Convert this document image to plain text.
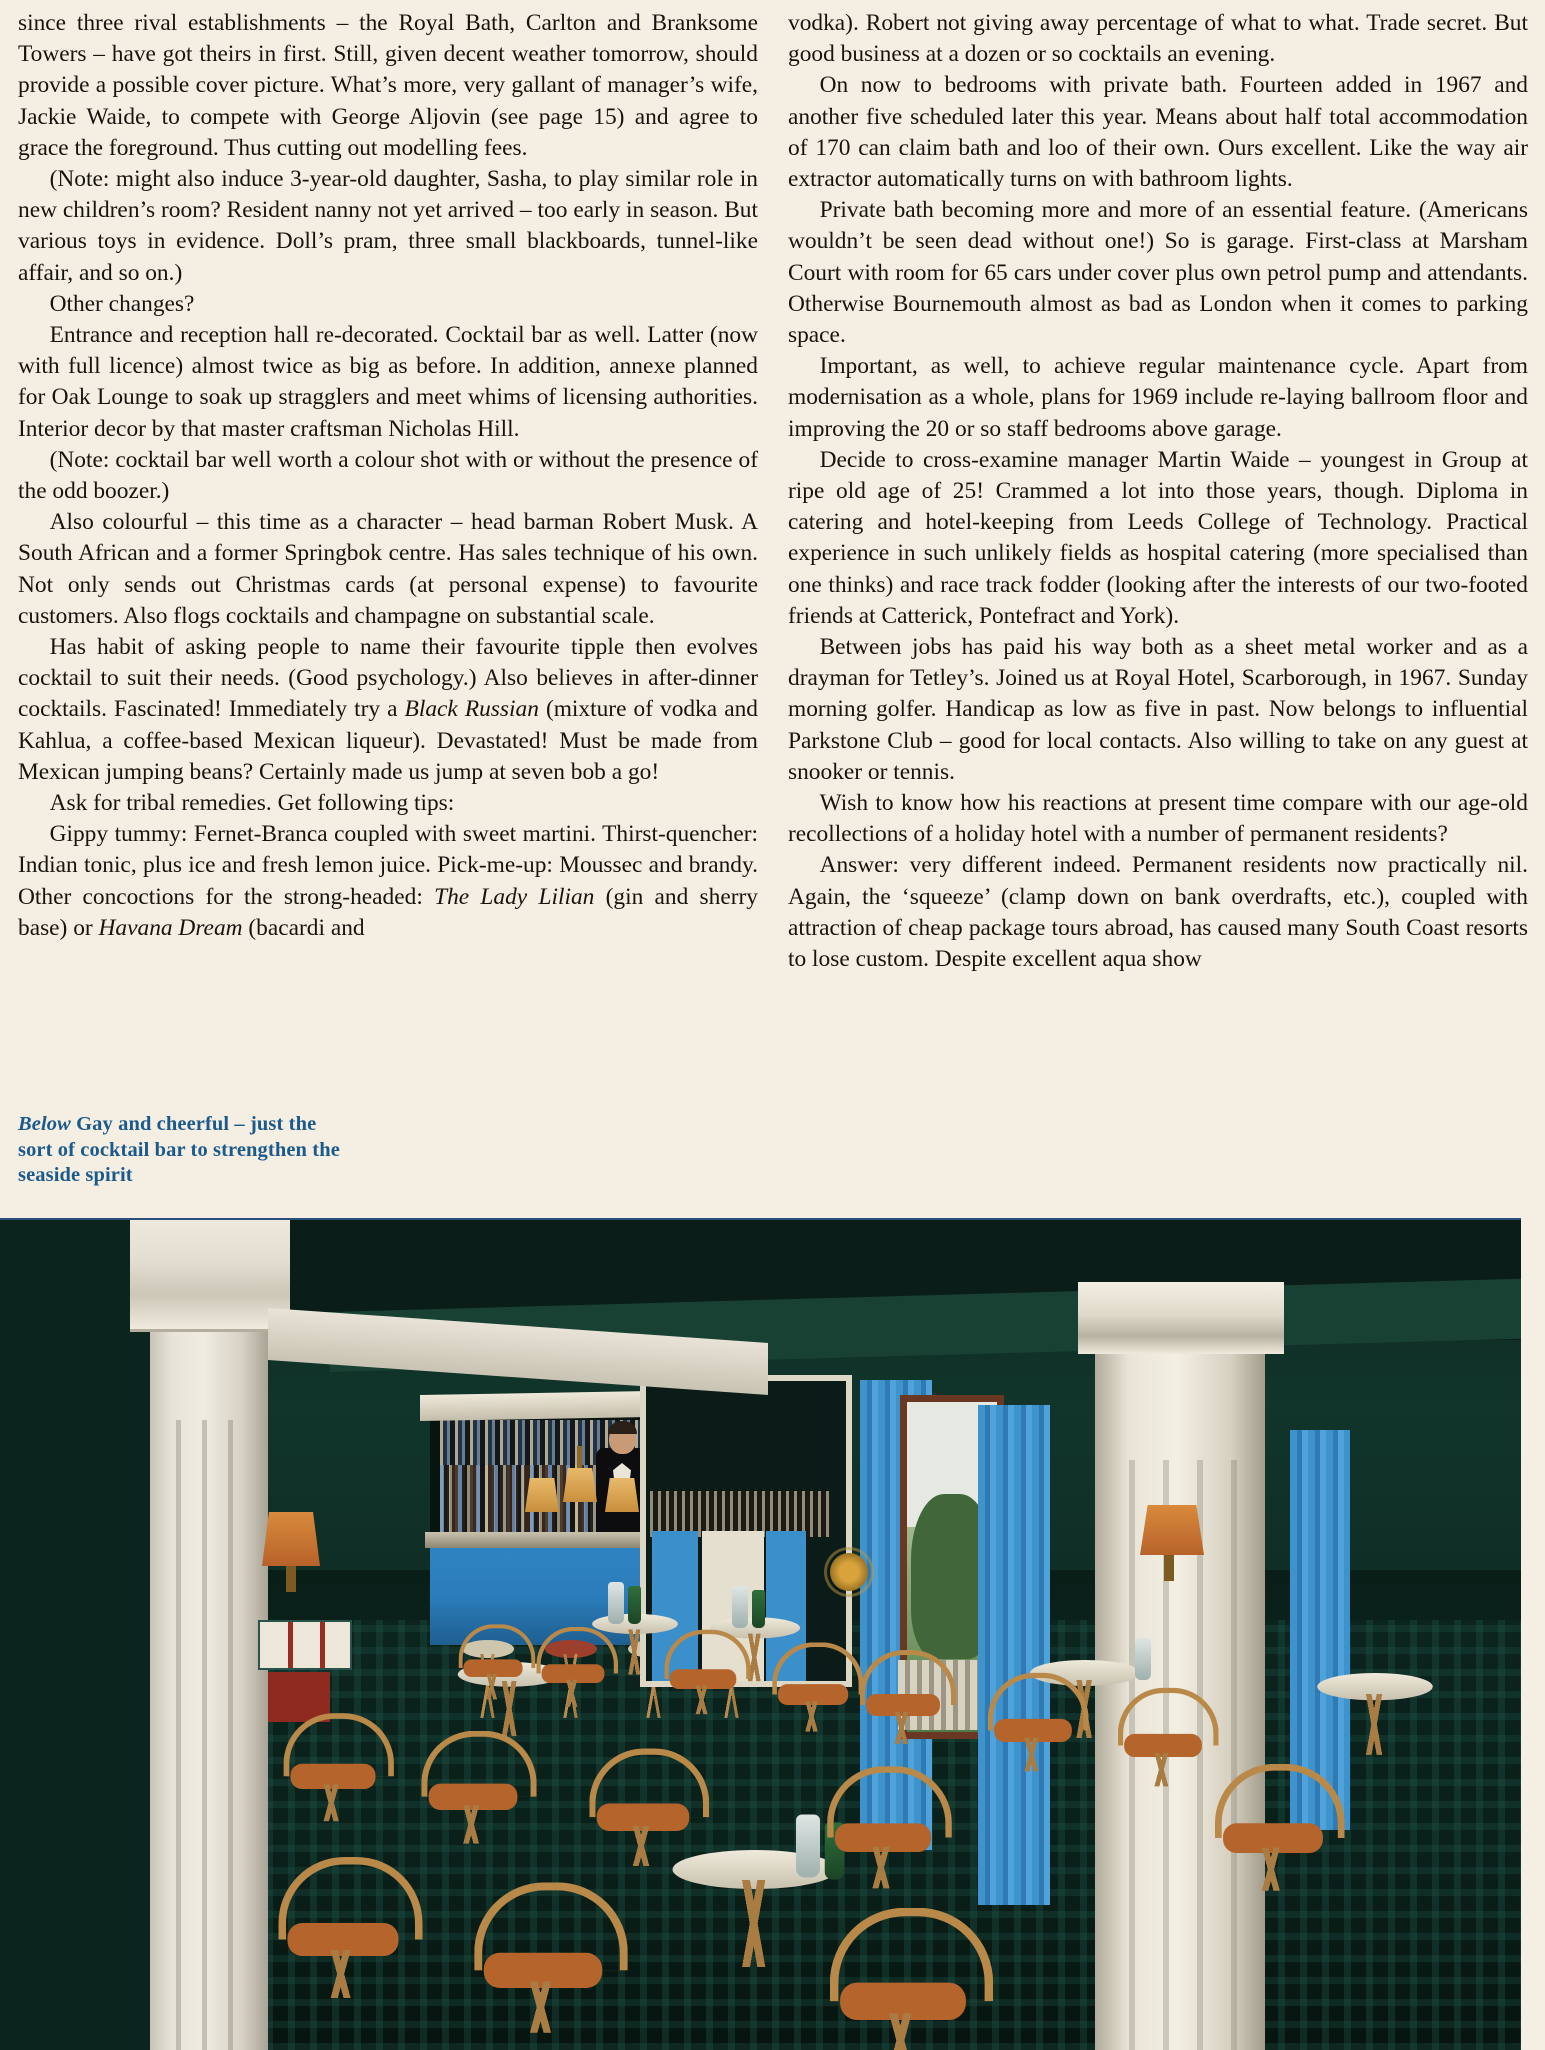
since three rival establishments – the Royal Bath, Carlton and Branksome Towers – have got theirs in first. Still, given decent weather tomorrow, should provide a possible cover picture. What’s more, very gallant of manager’s wife, Jackie Waide, to compete with George Aljovin (see page 15) and agree to grace the foreground. Thus cutting out modelling fees.

(Note: might also induce 3-year-old daughter, Sasha, to play similar role in new children’s room? Resident nanny not yet arrived – too early in season. But various toys in evidence. Doll’s pram, three small blackboards, tunnel-like affair, and so on.)

Other changes?

Entrance and reception hall re-decorated. Cocktail bar as well. Latter (now with full licence) almost twice as big as before. In addition, annexe planned for Oak Lounge to soak up stragglers and meet whims of licensing authorities. Interior decor by that master craftsman Nicholas Hill.

(Note: cocktail bar well worth a colour shot with or without the presence of the odd boozer.)

Also colourful – this time as a character – head barman Robert Musk. A South African and a former Springbok centre. Has sales technique of his own. Not only sends out Christmas cards (at personal expense) to favourite customers. Also flogs cocktails and champagne on substantial scale.

Has habit of asking people to name their favourite tipple then evolves cocktail to suit their needs. (Good psychology.) Also believes in after-dinner cocktails. Fascinated! Immediately try a Black Russian (mixture of vodka and Kahlua, a coffee-based Mexican liqueur). Devastated! Must be made from Mexican jumping beans? Certainly made us jump at seven bob a go!

Ask for tribal remedies. Get following tips:

Gippy tummy: Fernet-Branca coupled with sweet martini. Thirst-quencher: Indian tonic, plus ice and fresh lemon juice. Pick-me-up: Moussec and brandy. Other concoctions for the strong-headed: The Lady Lilian (gin and sherry base) or Havana Dream (bacardi and

vodka). Robert not giving away percentage of what to what. Trade secret. But good business at a dozen or so cocktails an evening.

On now to bedrooms with private bath. Fourteen added in 1967 and another five scheduled later this year. Means about half total accommodation of 170 can claim bath and loo of their own. Ours excellent. Like the way air extractor automatically turns on with bathroom lights.

Private bath becoming more and more of an essential feature. (Americans wouldn’t be seen dead without one!) So is garage. First-class at Marsham Court with room for 65 cars under cover plus own petrol pump and attendants. Otherwise Bournemouth almost as bad as London when it comes to parking space.

Important, as well, to achieve regular maintenance cycle. Apart from modernisation as a whole, plans for 1969 include re-laying ballroom floor and improving the 20 or so staff bedrooms above garage.

Decide to cross-examine manager Martin Waide – youngest in Group at ripe old age of 25! Crammed a lot into those years, though. Diploma in catering and hotel-keeping from Leeds College of Technology. Practical experience in such unlikely fields as hospital catering (more specialised than one thinks) and race track fodder (looking after the interests of our two-footed friends at Catterick, Pontefract and York).

Between jobs has paid his way both as a sheet metal worker and as a drayman for Tetley’s. Joined us at Royal Hotel, Scarborough, in 1967. Sunday morning golfer. Handicap as low as five in past. Now belongs to influential Parkstone Club – good for local contacts. Also willing to take on any guest at snooker or tennis.

Wish to know how his reactions at present time compare with our age-old recollections of a holiday hotel with a number of permanent residents?

Answer: very different indeed. Permanent residents now practically nil. Again, the ‘squeeze’ (clamp down on bank overdrafts, etc.), coupled with attraction of cheap package tours abroad, has caused many South Coast resorts to lose custom. Despite excellent aqua show

Below Gay and cheerful – just the sort of cocktail bar to strengthen the seaside spirit
